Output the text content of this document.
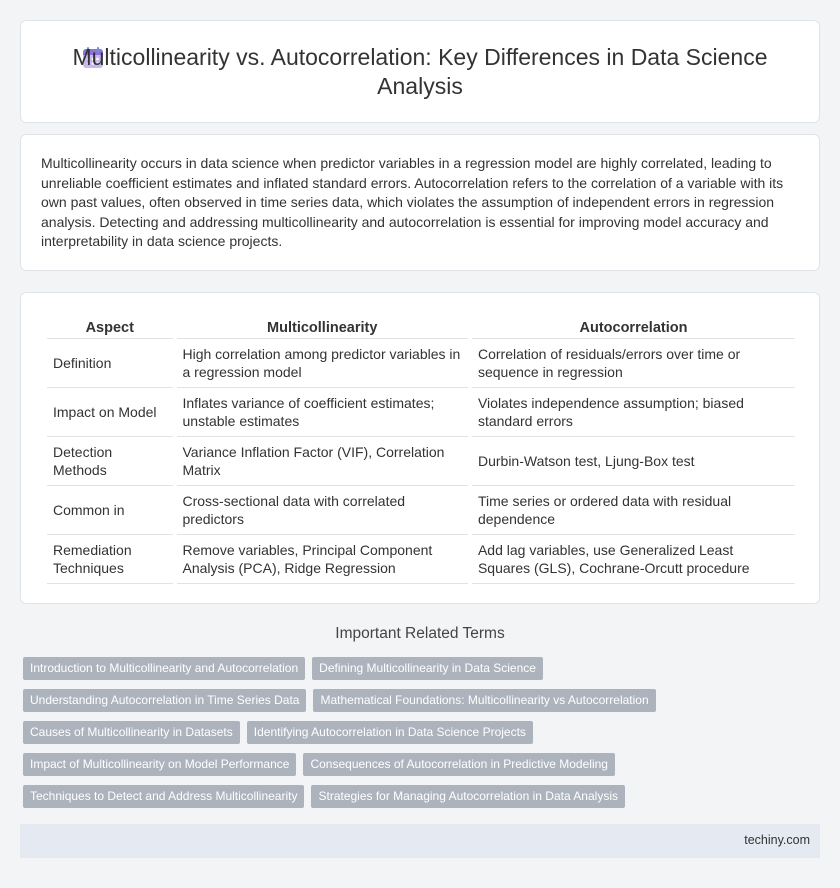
Multicollinearity vs. Autocorrelation: Key Differences in Data Science Analysis

Multicollinearity occurs in data science when predictor variables in a regression model are highly correlated, leading to unreliable coefficient estimates and inflated standard errors. Autocorrelation refers to the correlation of a variable with its own past values, often observed in time series data, which violates the assumption of independent errors in regression analysis. Detecting and addressing multicollinearity and autocorrelation is essential for improving model accuracy and interpretability in data science projects.

Aspect	Multicollinearity	Autocorrelation
Definition	High correlation among predictor variables in a regression model	Correlation of residuals/errors over time or sequence in regression
Impact on Model	Inflates variance of coefficient estimates; unstable estimates	Violates independence assumption; biased standard errors
Detection Methods	Variance Inflation Factor (VIF), Correlation Matrix	Durbin-Watson test, Ljung-Box test
Common in	Cross-sectional data with correlated predictors	Time series or ordered data with residual dependence
Remediation Techniques	Remove variables, Principal Component Analysis (PCA), Ridge Regression	Add lag variables, use Generalized Least Squares (GLS), Cochrane-Orcutt procedure
Important Related Terms
Introduction to Multicollinearity and Autocorrelation	Defining Multicollinearity in Data Science
Understanding Autocorrelation in Time Series Data	Mathematical Foundations: Multicollinearity vs Autocorrelation
Causes of Multicollinearity in Datasets	Identifying Autocorrelation in Data Science Projects
Impact of Multicollinearity on Model Performance	Consequences of Autocorrelation in Predictive Modeling
Techniques to Detect and Address Multicollinearity	Strategies for Managing Autocorrelation in Data Analysis
techiny.com
